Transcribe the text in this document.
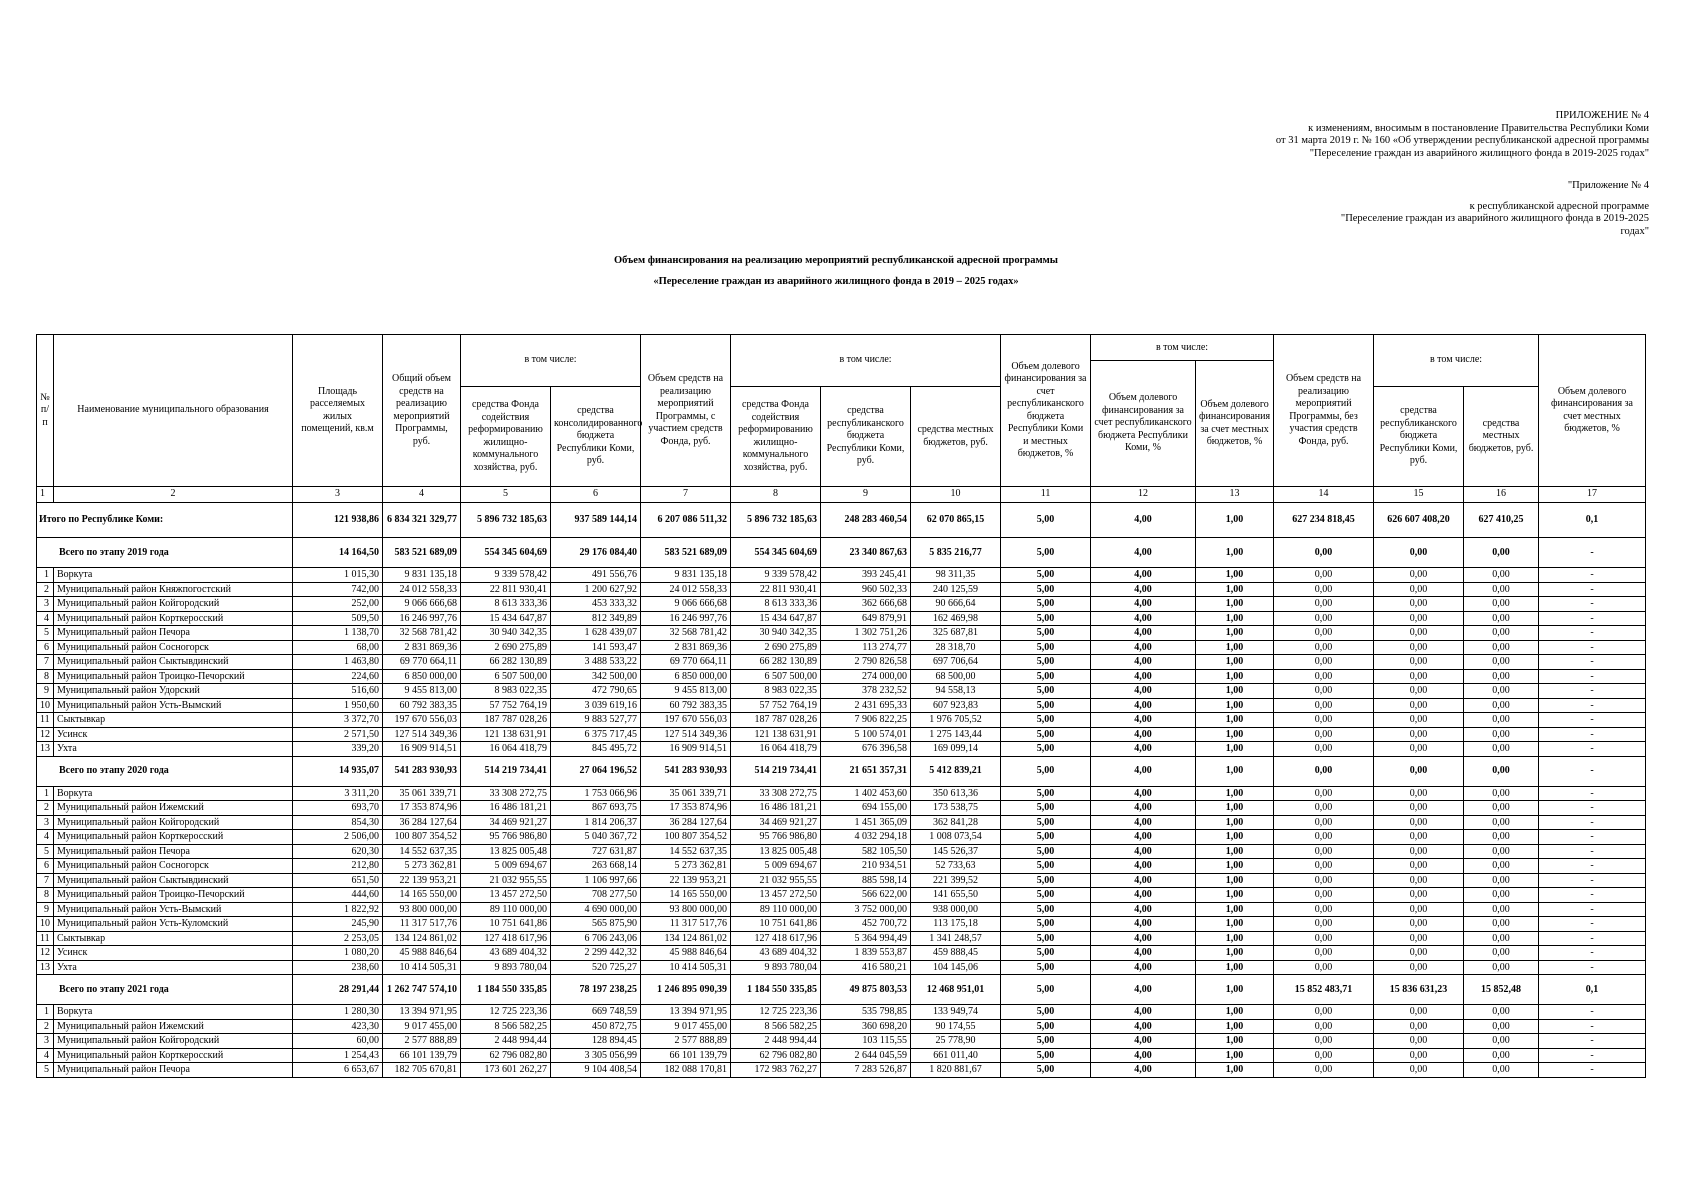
ПРИЛОЖЕНИЕ № 4
к изменениям, вносимым в постановление Правительства Республики Коми
от 31 марта 2019 г. № 160 «Об утверждении республиканской адресной программы
"Переселение граждан из аварийного жилищного фонда в 2019-2025 годах"
"Приложение № 4
к республиканской адресной программе
"Переселение граждан из аварийного жилищного фонда в 2019-2025
годах"
Объем финансирования на реализацию мероприятий республиканской адресной программы
«Переселение граждан из аварийного жилищного фонда в 2019 – 2025 годах»
№ п/п	Наименование муниципального образования	Площадь расселяемых жилых помещений, кв.м	Общий объем средств на реализацию мероприятий Программы, руб.	в том числе:		Объем средств на реализацию мероприятий Программы, с участием средств Фонда, руб.	в том числе:			Объем долевого финансирования за счет республиканского бюджета Республики Коми и местных бюджетов, %	в том числе:		Объем средств на реализацию мероприятий Программы, без участия средств Фонда, руб.	в том числе:		Объем долевого финансирования за счет местных бюджетов, %
											Объем долевого финансирования за счет республиканского бюджета Республики Коми, %	Объем долевого финансирования за счет местных бюджетов, %				
				средства Фонда содействия реформированию жилищно-коммунального хозяйства, руб.	средства консолидированного бюджета Республики Коми, руб.		средства Фонда содействия реформированию жилищно-коммунального хозяйства, руб.	средства республиканского бюджета Республики Коми, руб.	средства местных бюджетов, руб.					средства республиканского бюджета Республики Коми, руб.	средства местных бюджетов, руб.	
1	2	3	4	5	6	7	8	9	10	11	12	13	14	15	16	17
Итого по Республике Коми:		121 938,86	6 834 321 329,77	5 896 732 185,63	937 589 144,14	6 207 086 511,32	5 896 732 185,63	248 283 460,54	62 070 865,15	5,00	4,00	1,00	627 234 818,45	626 607 408,20	627 410,25	0,1
Всего по этапу 2019 года		14 164,50	583 521 689,09	554 345 604,69	29 176 084,40	583 521 689,09	554 345 604,69	23 340 867,63	5 835 216,77	5,00	4,00	1,00	0,00	0,00	0,00	-
1	Воркута	1 015,30	9 831 135,18	9 339 578,42	491 556,76	9 831 135,18	9 339 578,42	393 245,41	98 311,35	5,00	4,00	1,00	0,00	0,00	0,00	-
2	Муниципальный район Княжпогостский	742,00	24 012 558,33	22 811 930,41	1 200 627,92	24 012 558,33	22 811 930,41	960 502,33	240 125,59	5,00	4,00	1,00	0,00	0,00	0,00	-
3	Муниципальный район Койгородский	252,00	9 066 666,68	8 613 333,36	453 333,32	9 066 666,68	8 613 333,36	362 666,68	90 666,64	5,00	4,00	1,00	0,00	0,00	0,00	-
4	Муниципальный район Корткеросский	509,50	16 246 997,76	15 434 647,87	812 349,89	16 246 997,76	15 434 647,87	649 879,91	162 469,98	5,00	4,00	1,00	0,00	0,00	0,00	-
5	Муниципальный район Печора	1 138,70	32 568 781,42	30 940 342,35	1 628 439,07	32 568 781,42	30 940 342,35	1 302 751,26	325 687,81	5,00	4,00	1,00	0,00	0,00	0,00	-
6	Муниципальный район Сосногорск	68,00	2 831 869,36	2 690 275,89	141 593,47	2 831 869,36	2 690 275,89	113 274,77	28 318,70	5,00	4,00	1,00	0,00	0,00	0,00	-
7	Муниципальный район Сыктывдинский	1 463,80	69 770 664,11	66 282 130,89	3 488 533,22	69 770 664,11	66 282 130,89	2 790 826,58	697 706,64	5,00	4,00	1,00	0,00	0,00	0,00	-
8	Муниципальный район Троицко-Печорский	224,60	6 850 000,00	6 507 500,00	342 500,00	6 850 000,00	6 507 500,00	274 000,00	68 500,00	5,00	4,00	1,00	0,00	0,00	0,00	-
9	Муниципальный район Удорский	516,60	9 455 813,00	8 983 022,35	472 790,65	9 455 813,00	8 983 022,35	378 232,52	94 558,13	5,00	4,00	1,00	0,00	0,00	0,00	-
10	Муниципальный район Усть-Вымский	1 950,60	60 792 383,35	57 752 764,19	3 039 619,16	60 792 383,35	57 752 764,19	2 431 695,33	607 923,83	5,00	4,00	1,00	0,00	0,00	0,00	-
11	Сыктывкар	3 372,70	197 670 556,03	187 787 028,26	9 883 527,77	197 670 556,03	187 787 028,26	7 906 822,25	1 976 705,52	5,00	4,00	1,00	0,00	0,00	0,00	-
12	Усинск	2 571,50	127 514 349,36	121 138 631,91	6 375 717,45	127 514 349,36	121 138 631,91	5 100 574,01	1 275 143,44	5,00	4,00	1,00	0,00	0,00	0,00	-
13	Ухта	339,20	16 909 914,51	16 064 418,79	845 495,72	16 909 914,51	16 064 418,79	676 396,58	169 099,14	5,00	4,00	1,00	0,00	0,00	0,00	-
Всего по этапу 2020 года		14 935,07	541 283 930,93	514 219 734,41	27 064 196,52	541 283 930,93	514 219 734,41	21 651 357,31	5 412 839,21	5,00	4,00	1,00	0,00	0,00	0,00	-
1	Воркута	3 311,20	35 061 339,71	33 308 272,75	1 753 066,96	35 061 339,71	33 308 272,75	1 402 453,60	350 613,36	5,00	4,00	1,00	0,00	0,00	0,00	-
2	Муниципальный район Ижемский	693,70	17 353 874,96	16 486 181,21	867 693,75	17 353 874,96	16 486 181,21	694 155,00	173 538,75	5,00	4,00	1,00	0,00	0,00	0,00	-
3	Муниципальный район Койгородский	854,30	36 284 127,64	34 469 921,27	1 814 206,37	36 284 127,64	34 469 921,27	1 451 365,09	362 841,28	5,00	4,00	1,00	0,00	0,00	0,00	-
4	Муниципальный район Корткеросский	2 506,00	100 807 354,52	95 766 986,80	5 040 367,72	100 807 354,52	95 766 986,80	4 032 294,18	1 008 073,54	5,00	4,00	1,00	0,00	0,00	0,00	-
5	Муниципальный район Печора	620,30	14 552 637,35	13 825 005,48	727 631,87	14 552 637,35	13 825 005,48	582 105,50	145 526,37	5,00	4,00	1,00	0,00	0,00	0,00	-
6	Муниципальный район Сосногорск	212,80	5 273 362,81	5 009 694,67	263 668,14	5 273 362,81	5 009 694,67	210 934,51	52 733,63	5,00	4,00	1,00	0,00	0,00	0,00	-
7	Муниципальный район Сыктывдинский	651,50	22 139 953,21	21 032 955,55	1 106 997,66	22 139 953,21	21 032 955,55	885 598,14	221 399,52	5,00	4,00	1,00	0,00	0,00	0,00	-
8	Муниципальный район Троицко-Печорский	444,60	14 165 550,00	13 457 272,50	708 277,50	14 165 550,00	13 457 272,50	566 622,00	141 655,50	5,00	4,00	1,00	0,00	0,00	0,00	-
9	Муниципальный район Усть-Вымский	1 822,92	93 800 000,00	89 110 000,00	4 690 000,00	93 800 000,00	89 110 000,00	3 752 000,00	938 000,00	5,00	4,00	1,00	0,00	0,00	0,00	-
10	Муниципальный район Усть-Куломский	245,90	11 317 517,76	10 751 641,86	565 875,90	11 317 517,76	10 751 641,86	452 700,72	113 175,18	5,00	4,00	1,00	0,00	0,00	0,00	-
11	Сыктывкар	2 253,05	134 124 861,02	127 418 617,96	6 706 243,06	134 124 861,02	127 418 617,96	5 364 994,49	1 341 248,57	5,00	4,00	1,00	0,00	0,00	0,00	-
12	Усинск	1 080,20	45 988 846,64	43 689 404,32	2 299 442,32	45 988 846,64	43 689 404,32	1 839 553,87	459 888,45	5,00	4,00	1,00	0,00	0,00	0,00	-
13	Ухта	238,60	10 414 505,31	9 893 780,04	520 725,27	10 414 505,31	9 893 780,04	416 580,21	104 145,06	5,00	4,00	1,00	0,00	0,00	0,00	-
Всего по этапу 2021 года		28 291,44	1 262 747 574,10	1 184 550 335,85	78 197 238,25	1 246 895 090,39	1 184 550 335,85	49 875 803,53	12 468 951,01	5,00	4,00	1,00	15 852 483,71	15 836 631,23	15 852,48	0,1
1	Воркута	1 280,30	13 394 971,95	12 725 223,36	669 748,59	13 394 971,95	12 725 223,36	535 798,85	133 949,74	5,00	4,00	1,00	0,00	0,00	0,00	-
2	Муниципальный район Ижемский	423,30	9 017 455,00	8 566 582,25	450 872,75	9 017 455,00	8 566 582,25	360 698,20	90 174,55	5,00	4,00	1,00	0,00	0,00	0,00	-
3	Муниципальный район Койгородский	60,00	2 577 888,89	2 448 994,44	128 894,45	2 577 888,89	2 448 994,44	103 115,55	25 778,90	5,00	4,00	1,00	0,00	0,00	0,00	-
4	Муниципальный район Корткеросский	1 254,43	66 101 139,79	62 796 082,80	3 305 056,99	66 101 139,79	62 796 082,80	2 644 045,59	661 011,40	5,00	4,00	1,00	0,00	0,00	0,00	-
5	Муниципальный район Печора	6 653,67	182 705 670,81	173 601 262,27	9 104 408,54	182 088 170,81	172 983 762,27	7 283 526,87	1 820 881,67	5,00	4,00	1,00	0,00	0,00	0,00	-
